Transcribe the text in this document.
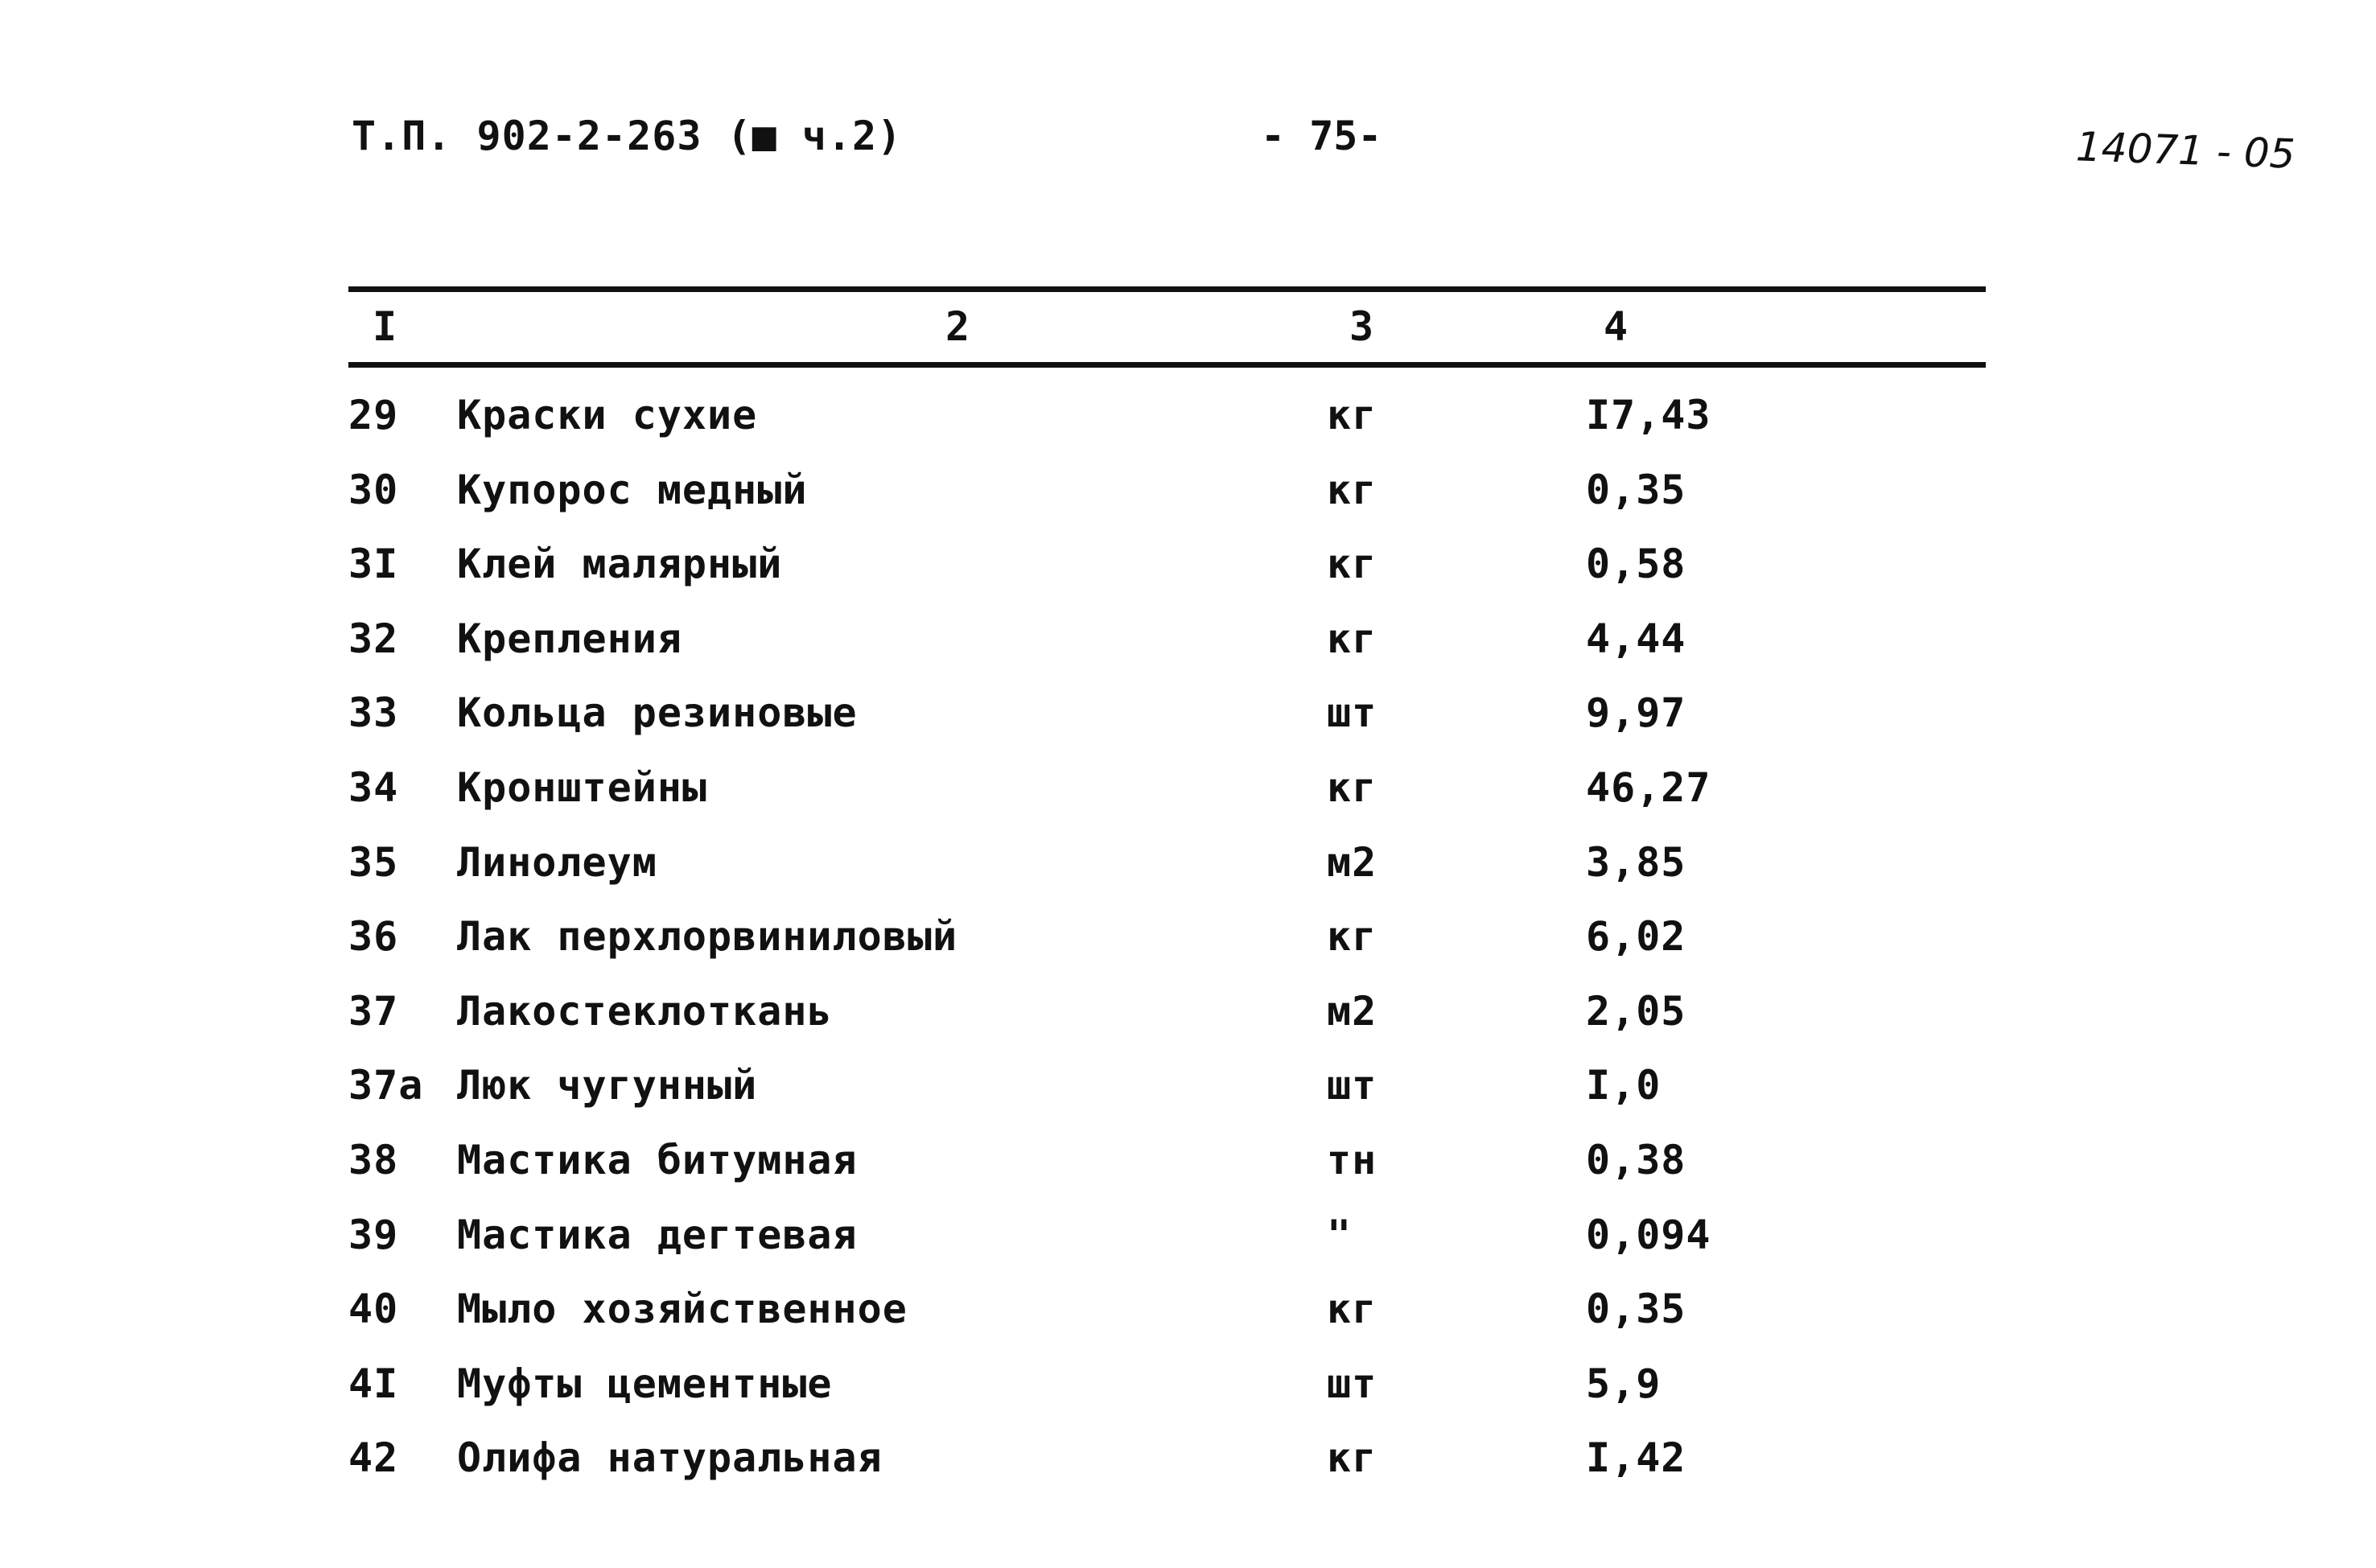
Т.П. 902-2-263 (■ ч.2)	- 75-	14071 - 05
I	2	3	4
29 Краски сухие	кг	I7,43
30 Купорос медный	кг	0,35
3I Клей малярный	кг	0,58
32 Крепления	кг	4,44
33 Кольца резиновые	шт	9,97
34 Кронштейны	кг	46,27
35 Линолеум	м2	3,85
36 Лак перхлорвиниловый	кг	6,02
37 Лакостеклоткань	м2	2,05
37а Люк чугунный	шт	I,0
38 Мастика битумная	тн	0,38
39 Мастика дегтевая	"	0,094
40 Мыло хозяйственное	кг	0,35
4I Муфты цементные	шт	5,9
42 Олифа натуральная	кг	I,42
